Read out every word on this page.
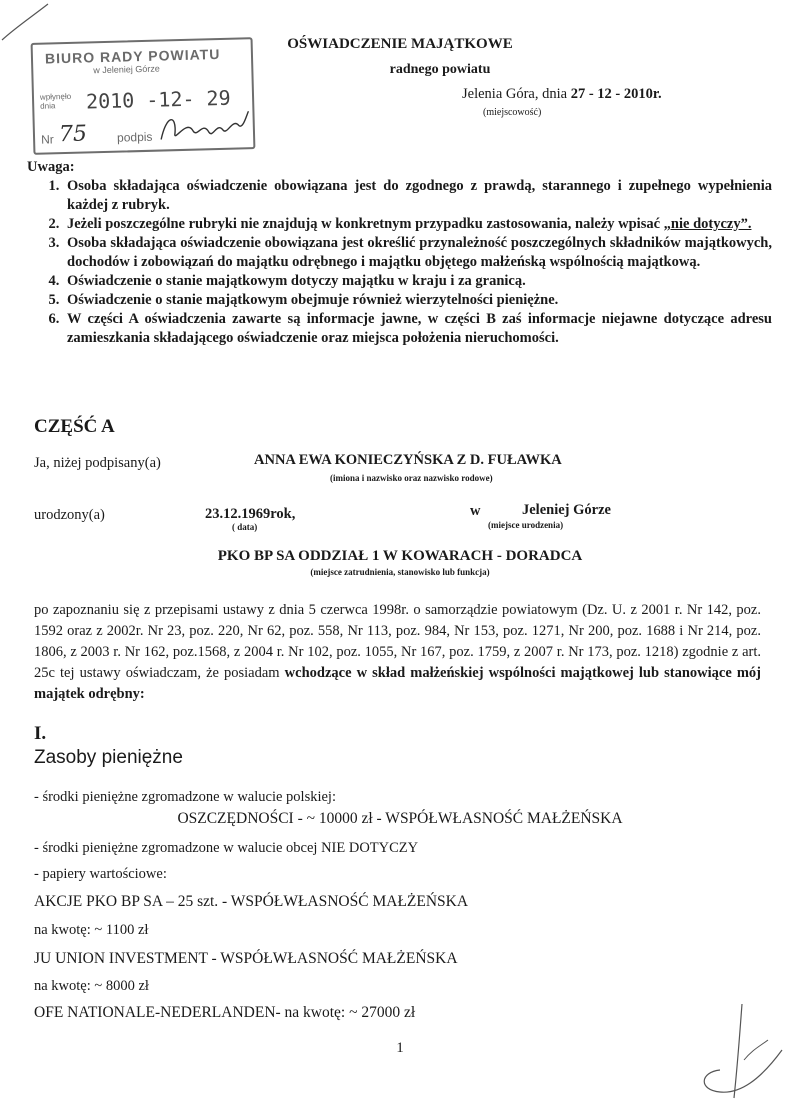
BIURO RADY POWIATU
w Jeleniej Górze
wpłynęło dnia	2010 -12- 29
Nr 75 podpis
OŚWIADCZENIE MAJĄTKOWE
radnego powiatu
Jelenia Góra, dnia 27 - 12 - 2010r.
(miejscowość)
Uwaga:
1. Osoba składająca oświadczenie obowiązana jest do zgodnego z prawdą, starannego i zupełnego wypełnienia każdej z rubryk.
2. Jeżeli poszczególne rubryki nie znajdują w konkretnym przypadku zastosowania, należy wpisać „nie dotyczy”.
3. Osoba składająca oświadczenie obowiązana jest określić przynależność poszczególnych składników majątkowych, dochodów i zobowiązań do majątku odrębnego i majątku objętego małżeńską wspólnością majątkową.
4. Oświadczenie o stanie majątkowym dotyczy majątku w kraju i za granicą.
5. Oświadczenie o stanie majątkowym obejmuje również wierzytelności pieniężne.
6. W części A oświadczenia zawarte są informacje jawne, w części B zaś informacje niejawne dotyczące adresu zamieszkania składającego oświadczenie oraz miejsca położenia nieruchomości.
CZĘŚĆ A
Ja, niżej podpisany(a)	ANNA EWA KONIECZYŃSKA Z D. FUŁAWKA
(imiona i nazwisko oraz nazwisko rodowe)
urodzony(a)	23.12.1969rok,
( data)
w	Jeleniej Górze
(miejsce urodzenia)
PKO BP SA ODDZIAŁ 1 W KOWARACH - DORADCA
(miejsce zatrudnienia, stanowisko lub funkcja)
po zapoznaniu się z przepisami ustawy z dnia 5 czerwca 1998r. o samorządzie powiatowym (Dz. U. z 2001 r. Nr 142, poz. 1592 oraz z 2002r. Nr 23, poz. 220, Nr 62, poz. 558, Nr 113, poz. 984, Nr 153, poz. 1271, Nr 200, poz. 1688 i Nr 214, poz. 1806, z 2003 r. Nr 162, poz.1568, z 2004 r. Nr 102, poz. 1055, Nr 167, poz. 1759, z 2007 r. Nr 173, poz. 1218) zgodnie z art. 25c tej ustawy oświadczam, że posiadam wchodzące w skład małżeńskiej wspólności majątkowej lub stanowiące mój majątek odrębny:
I.
Zasoby pieniężne
- środki pieniężne zgromadzone w walucie polskiej:
OSZCZĘDNOŚCI - ~ 10000 zł - WSPÓŁWŁASNOŚĆ MAŁŻEŃSKA
- środki pieniężne zgromadzone w walucie obcej NIE DOTYCZY
- papiery wartościowe:
AKCJE PKO BP SA – 25 szt. - WSPÓŁWŁASNOŚĆ MAŁŻEŃSKA
na kwotę: ~ 1100 zł
JU UNION INVESTMENT - WSPÓŁWŁASNOŚĆ MAŁŻEŃSKA
na kwotę: ~ 8000 zł
OFE NATIONALE-NEDERLANDEN- na kwotę: ~ 27000 zł
1
